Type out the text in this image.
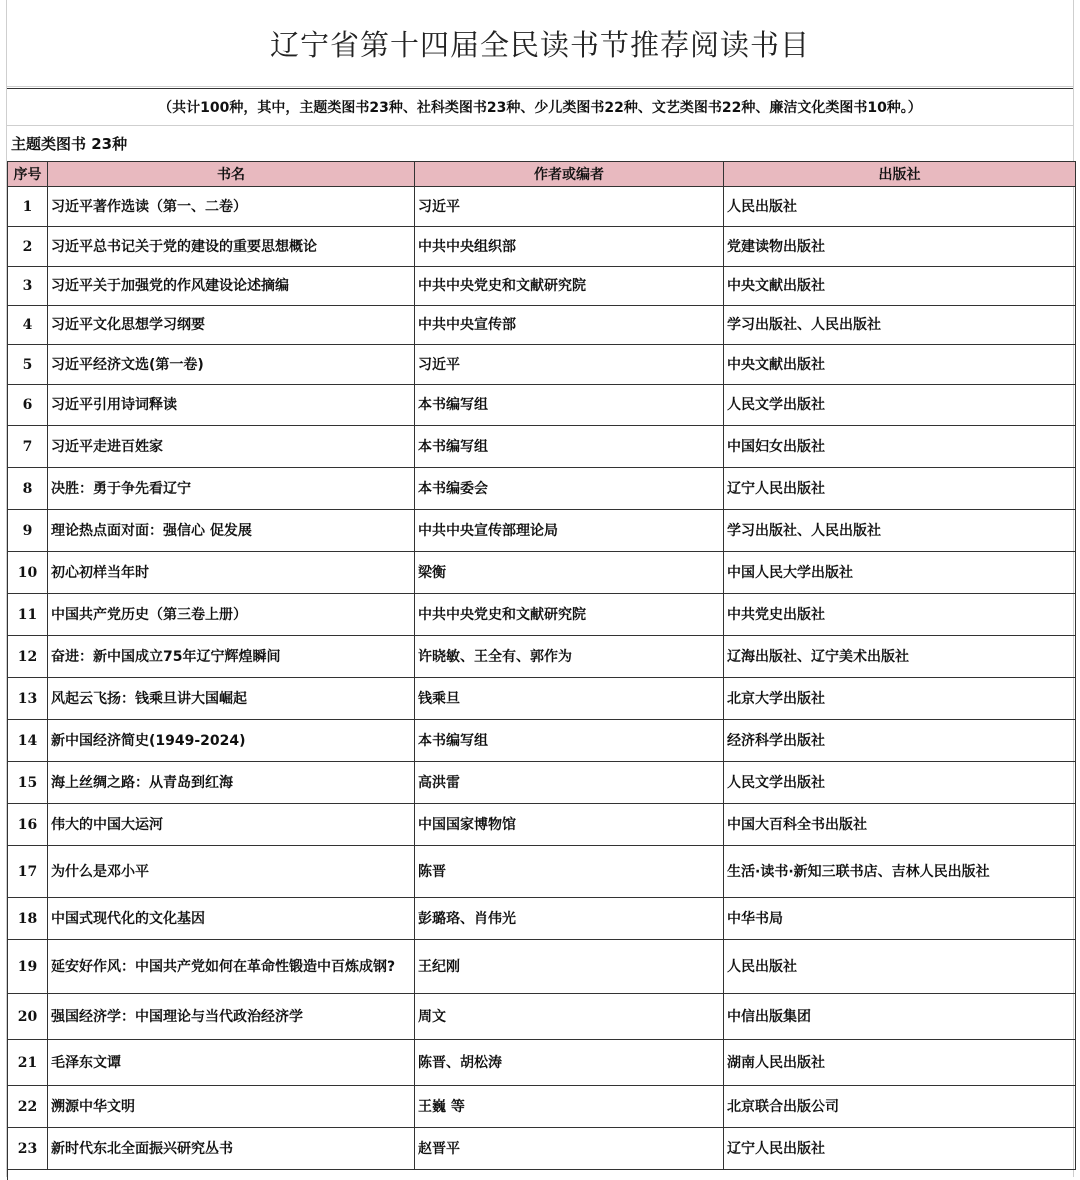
辽宁省第十四届全民读书节推荐阅读书目
（共计100种，其中，主题类图书23种、社科类图书23种、少儿类图书22种、文艺类图书22种、廉洁文化类图书10种。）
主题类图书 23种
序号	书名	作者或编者	出版社
1	习近平著作选读（第一、二卷）	习近平	人民出版社
2	习近平总书记关于党的建设的重要思想概论	中共中央组织部	党建读物出版社
3	习近平关于加强党的作风建设论述摘编	中共中央党史和文献研究院	中央文献出版社
4	习近平文化思想学习纲要	中共中央宣传部	学习出版社、人民出版社
5	习近平经济文选(第一卷)	习近平	中央文献出版社
6	习近平引用诗词释读	本书编写组	人民文学出版社
7	习近平走进百姓家	本书编写组	中国妇女出版社
8	决胜：勇于争先看辽宁	本书编委会	辽宁人民出版社
9	理论热点面对面：强信心 促发展	中共中央宣传部理论局	学习出版社、人民出版社
10	初心初样当年时	梁衡	中国人民大学出版社
11	中国共产党历史（第三卷上册）	中共中央党史和文献研究院	中共党史出版社
12	奋进：新中国成立75年辽宁辉煌瞬间	许晓敏、王全有、郭作为	辽海出版社、辽宁美术出版社
13	风起云飞扬：钱乘旦讲大国崛起	钱乘旦	北京大学出版社
14	新中国经济简史(1949-2024)	本书编写组	经济科学出版社
15	海上丝绸之路：从青岛到红海	高洪雷	人民文学出版社
16	伟大的中国大运河	中国国家博物馆	中国大百科全书出版社
17	为什么是邓小平	陈晋	生活·读书·新知三联书店、吉林人民出版社
18	中国式现代化的文化基因	彭璐珞、肖伟光	中华书局
19	延安好作风：中国共产党如何在革命性锻造中百炼成钢?	王纪刚	人民出版社
20	强国经济学：中国理论与当代政治经济学	周文	中信出版集团
21	毛泽东文谭	陈晋、胡松涛	湖南人民出版社
22	溯源中华文明	王巍 等	北京联合出版公司
23	新时代东北全面振兴研究丛书	赵晋平	辽宁人民出版社
